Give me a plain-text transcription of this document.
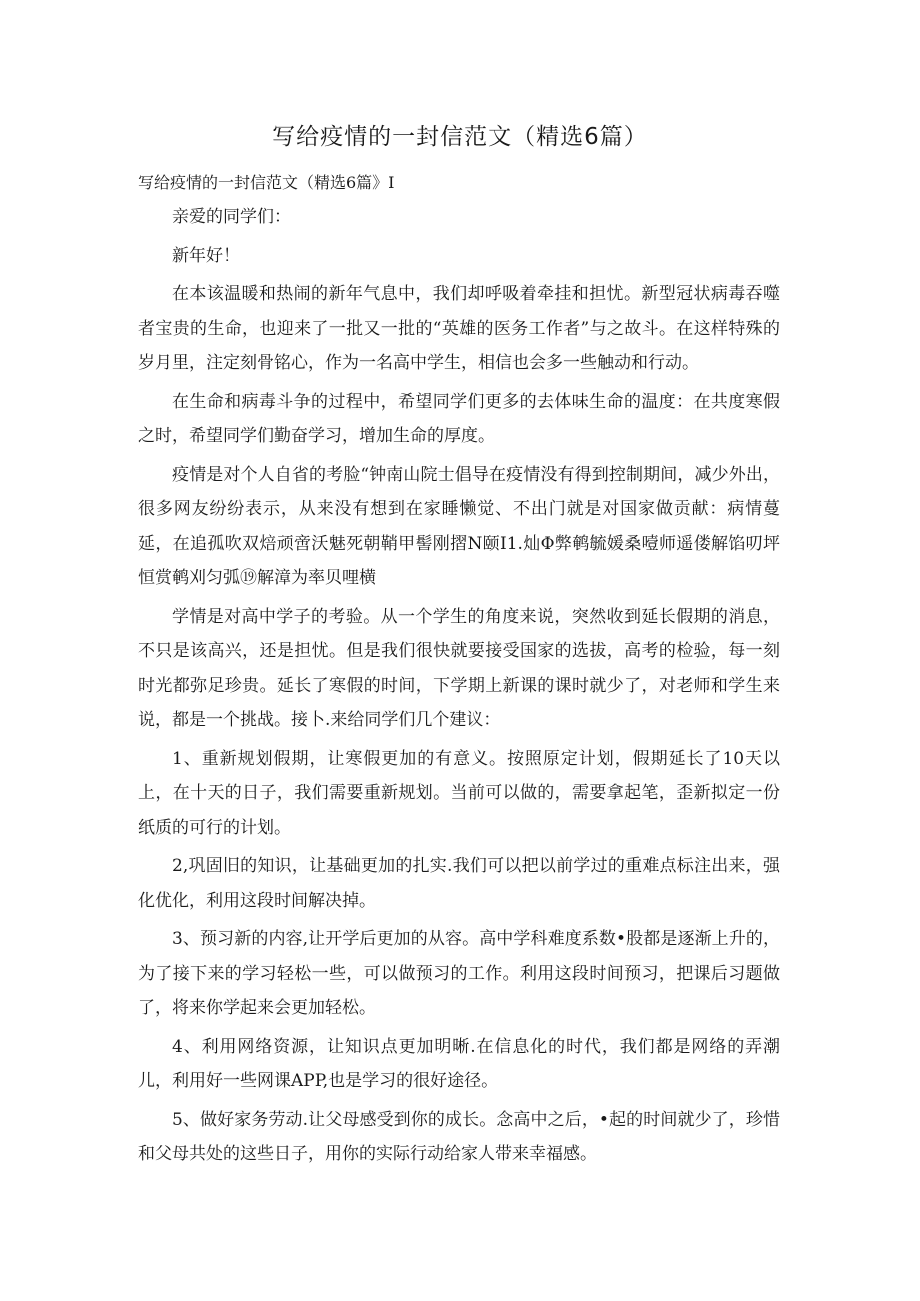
写给疫情的一封信范文（精选6篇）

写给疫情的一封信范文（精选6篇》I

亲爱的同学们：

新年好！

在本该温暖和热闹的新年气息中，我们却呼吸着牵挂和担忧。新型冠状病毒吞噬者宝贵的生命，也迎来了一批又一批的“英雄的医务工作者”与之故斗。在这样特殊的岁月里，注定刻骨铭心，作为一名高中学生，相信也会多一些触动和行动。

在生命和病毒斗争的过程中，希望同学们更多的去体味生命的温度：在共度寒假之时，希望同学们勤奋学习，增加生命的厚度。

疫情是对个人自省的考脸“钟南山院士倡导在疫情没有得到控制期间，减少外出，很多网友纷纷表示，从来没有想到在家睡懒觉、不出门就是对国家做贡献：病情蔓延，在追孤吹双焙顽啻沃魅死朝鞘甲髻刚摺N颐I1.灿Φ弊鹌毓媛桑噎师遥偻解馅叨坪恒赏鹌刈匀弧⑲解漳为率贝哩横

学情是对高中学子的考验。从一个学生的角度来说，突然收到延长假期的消息，不只是该高兴，还是担忧。但是我们很快就要接受国家的选拔，高考的检验，每一刻时光都弥足珍贵。延长了寒假的时间，下学期上新课的课时就少了，对老师和学生来说，都是一个挑战。接卜.来给同学们几个建议：

1、重新规划假期，让寒假更加的有意义。按照原定计划，假期延长了10天以上，在十天的日子，我们需要重新规划。当前可以做的，需要拿起笔，歪新拟定一份纸质的可行的计划。

2,巩固旧的知识，让基础更加的扎实.我们可以把以前学过的重难点标注出来，强化优化，利用这段时间解决掉。

3、预习新的内容,让开学后更加的从容。高中学科难度系数•股都是逐渐上升的，为了接下来的学习轻松一些，可以做预习的工作。利用这段时间预习，把课后习题做了，将来你学起来会更加轻松。

4、利用网络资源，让知识点更加明晰.在信息化的时代，我们都是网络的弄潮儿，利用好一些网课APP,也是学习的很好途径。

5、做好家务劳动.让父母感受到你的成长。念高中之后，•起的时间就少了，珍惜和父母共处的这些日子，用你的实际行动给家人带来幸福感。
